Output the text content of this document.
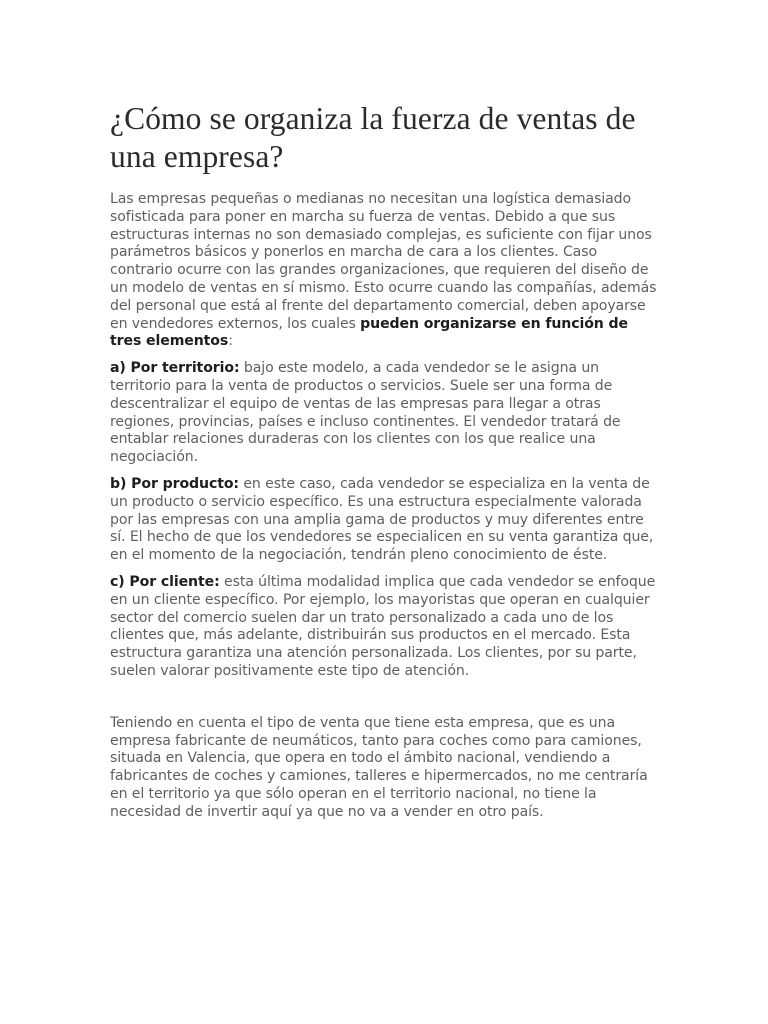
¿Cómo se organiza la fuerza de ventas de una empresa?

Las empresas pequeñas o medianas no necesitan una logística demasiado sofisticada para poner en marcha su fuerza de ventas. Debido a que sus estructuras internas no son demasiado complejas, es suficiente con fijar unos parámetros básicos y ponerlos en marcha de cara a los clientes. Caso contrario ocurre con las grandes organizaciones, que requieren del diseño de un modelo de ventas en sí mismo. Esto ocurre cuando las compañías, además del personal que está al frente del departamento comercial, deben apoyarse en vendedores externos, los cuales pueden organizarse en función de tres elementos:

a) Por territorio: bajo este modelo, a cada vendedor se le asigna un territorio para la venta de productos o servicios. Suele ser una forma de descentralizar el equipo de ventas de las empresas para llegar a otras regiones, provincias, países e incluso continentes. El vendedor tratará de entablar relaciones duraderas con los clientes con los que realice una negociación.

b) Por producto: en este caso, cada vendedor se especializa en la venta de un producto o servicio específico. Es una estructura especialmente valorada por las empresas con una amplia gama de productos y muy diferentes entre sí. El hecho de que los vendedores se especialicen en su venta garantiza que, en el momento de la negociación, tendrán pleno conocimiento de éste.

c) Por cliente: esta última modalidad implica que cada vendedor se enfoque en un cliente específico. Por ejemplo, los mayoristas que operan en cualquier sector del comercio suelen dar un trato personalizado a cada uno de los clientes que, más adelante, distribuirán sus productos en el mercado. Esta estructura garantiza una atención personalizada. Los clientes, por su parte, suelen valorar positivamente este tipo de atención.

Teniendo en cuenta el tipo de venta que tiene esta empresa, que es una empresa fabricante de neumáticos, tanto para coches como para camiones, situada en Valencia, que opera en todo el ámbito nacional, vendiendo a fabricantes de coches y camiones, talleres e hipermercados, no me centraría en el territorio ya que sólo operan en el territorio nacional, no tiene la necesidad de invertir aquí ya que no va a vender en otro país.
